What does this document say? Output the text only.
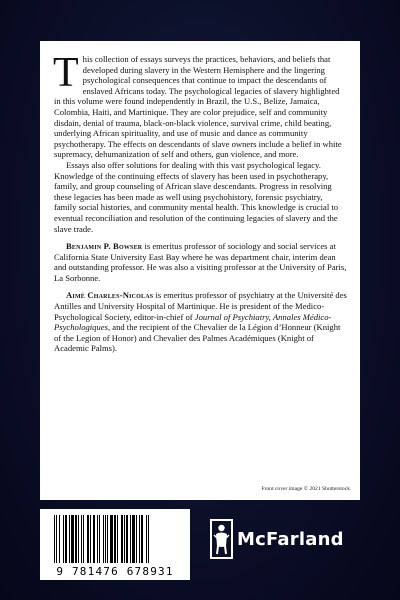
This collection of essays surveys the practices, behaviors, and beliefs that developed during slavery in the Western Hemisphere and the lingering psychological consequences that continue to impact the descendants of enslaved Africans today. The psychological legacies of slavery highlighted in this volume were found independently in Brazil, the U.S., Belize, Jamaica, Colombia, Haiti, and Martinique. They are color prejudice, self and community disdain, denial of trauma, black-on-black violence, survival crime, child beating, underlying African spirituality, and use of music and dance as community psychotherapy. The effects on descendants of slave owners include a belief in white supremacy, dehumanization of self and others, gun violence, and more.

Essays also offer solutions for dealing with this vast psychological legacy. Knowledge of the continuing effects of slavery has been used in psychotherapy, family, and group counseling of African slave descendants. Progress in resolving these legacies has been made as well using psychohistory, forensic psychiatry, family social histories, and community mental health. This knowledge is crucial to eventual reconciliation and resolution of the continuing legacies of slavery and the slave trade.

Benjamin P. Bowser is emeritus professor of sociology and social services at California State University East Bay where he was department chair, interim dean and outstanding professor. He was also a visiting professor at the University of Paris, La Sorbonne.

Aimé Charles-Nicolas is emeritus professor of psychiatry at the Université des Antilles and University Hospital of Martinique. He is president of the Medico-Psychological Society, editor-in-chief of Journal of Psychiatry, Annales Médico-Psychologiques, and the recipient of the Chevalier de la Légion d’Honneur (Knight of the Legion of Honor) and Chevalier des Palmes Académiques (Knight of Academic Palms).

Front cover image © 2021 Shutterstock
9 781476 678931
McFarland
